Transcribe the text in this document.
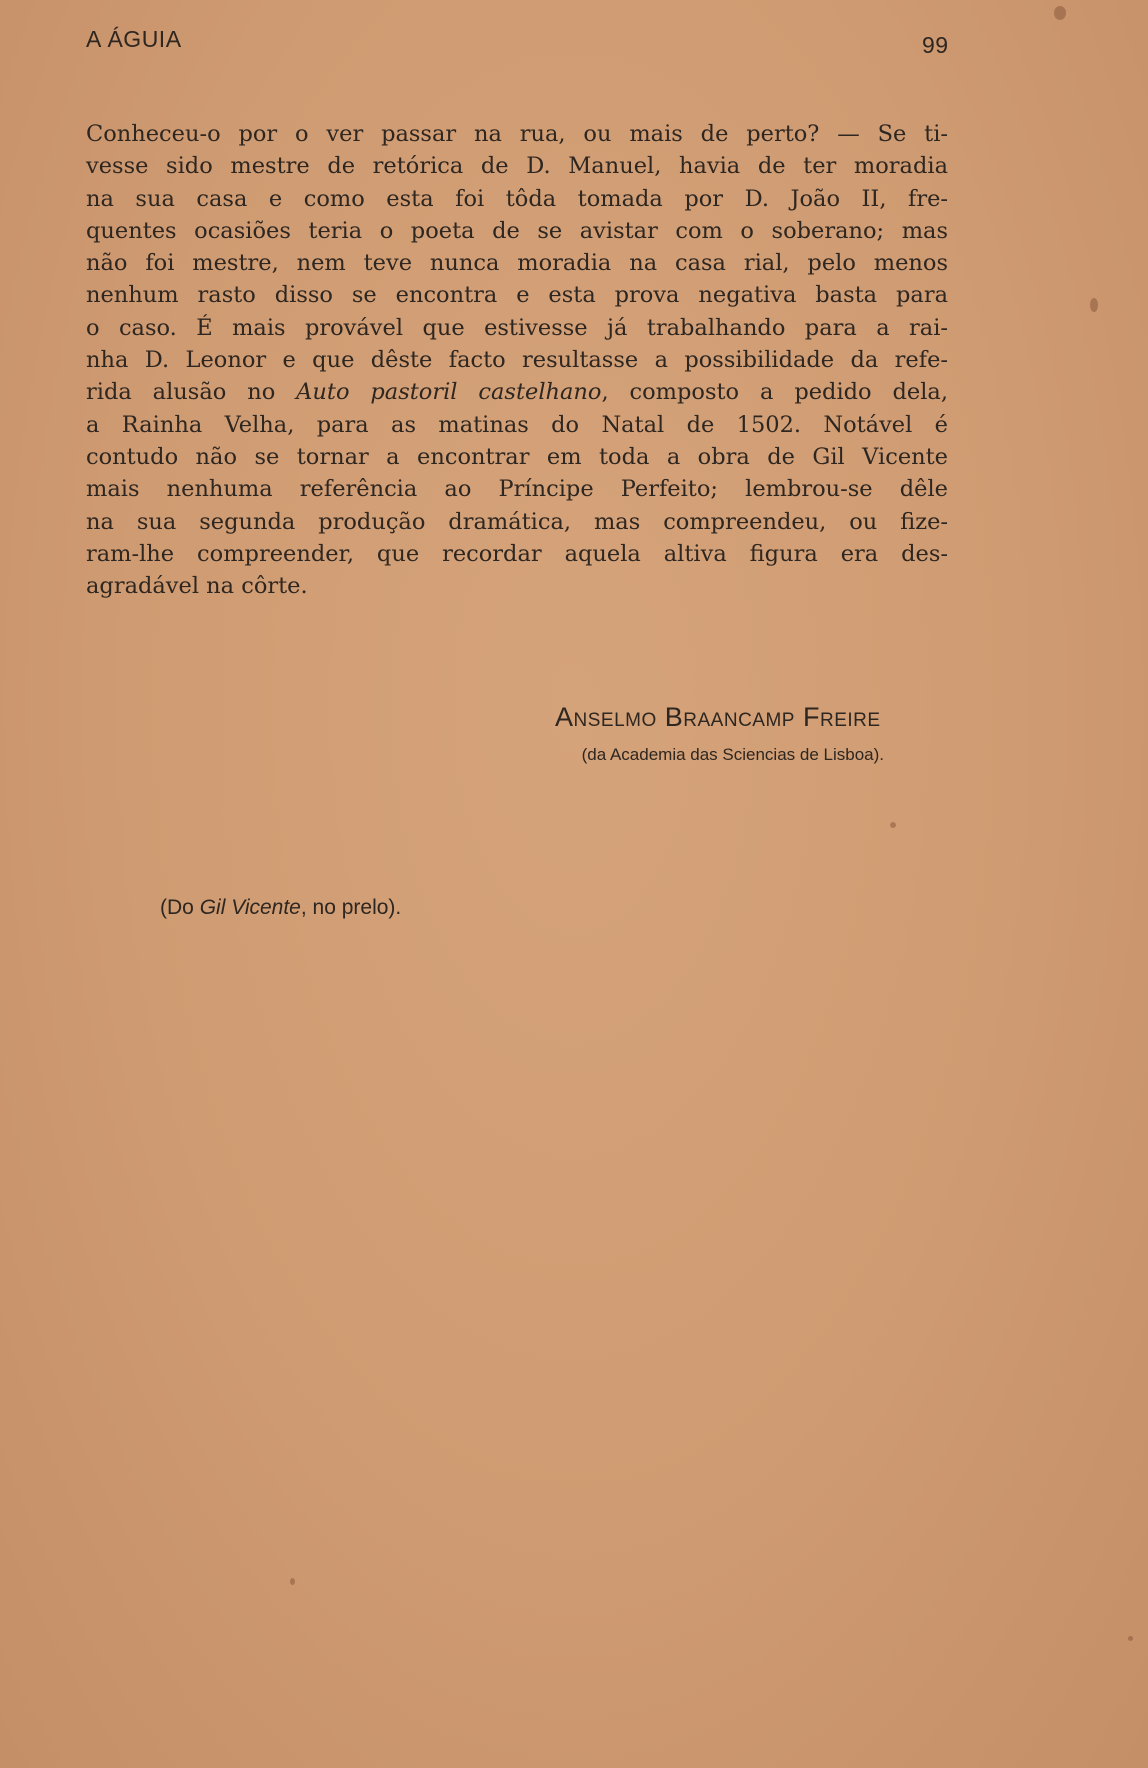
A ÁGUIA	99
Conheceu-o por o ver passar na rua, ou mais de perto? — Se ti-
vesse sido mestre de retórica de D. Manuel, havia de ter moradia
na sua casa e como esta foi tôda tomada por D. João II, fre-
quentes ocasiões teria o poeta de se avistar com o soberano; mas
não foi mestre, nem teve nunca moradia na casa rial, pelo menos
nenhum rasto disso se encontra e esta prova negativa basta para
o caso. É mais provável que estivesse já trabalhando para a rai-
nha D. Leonor e que dêste facto resultasse a possibilidade da refe-
rida alusão no Auto pastoril castelhano, composto a pedido dela,
a Rainha Velha, para as matinas do Natal de 1502. Notável é
contudo não se tornar a encontrar em toda a obra de Gil Vicente
mais nenhuma referência ao Príncipe Perfeito; lembrou-se dêle
na sua segunda produção dramática, mas compreendeu, ou fize-
ram-lhe compreender, que recordar aquela altiva figura era des-
agradável na côrte.
Anselmo Braancamp Freire
(da Academia das Sciencias de Lisboa).
(Do Gil Vicente, no prelo).
